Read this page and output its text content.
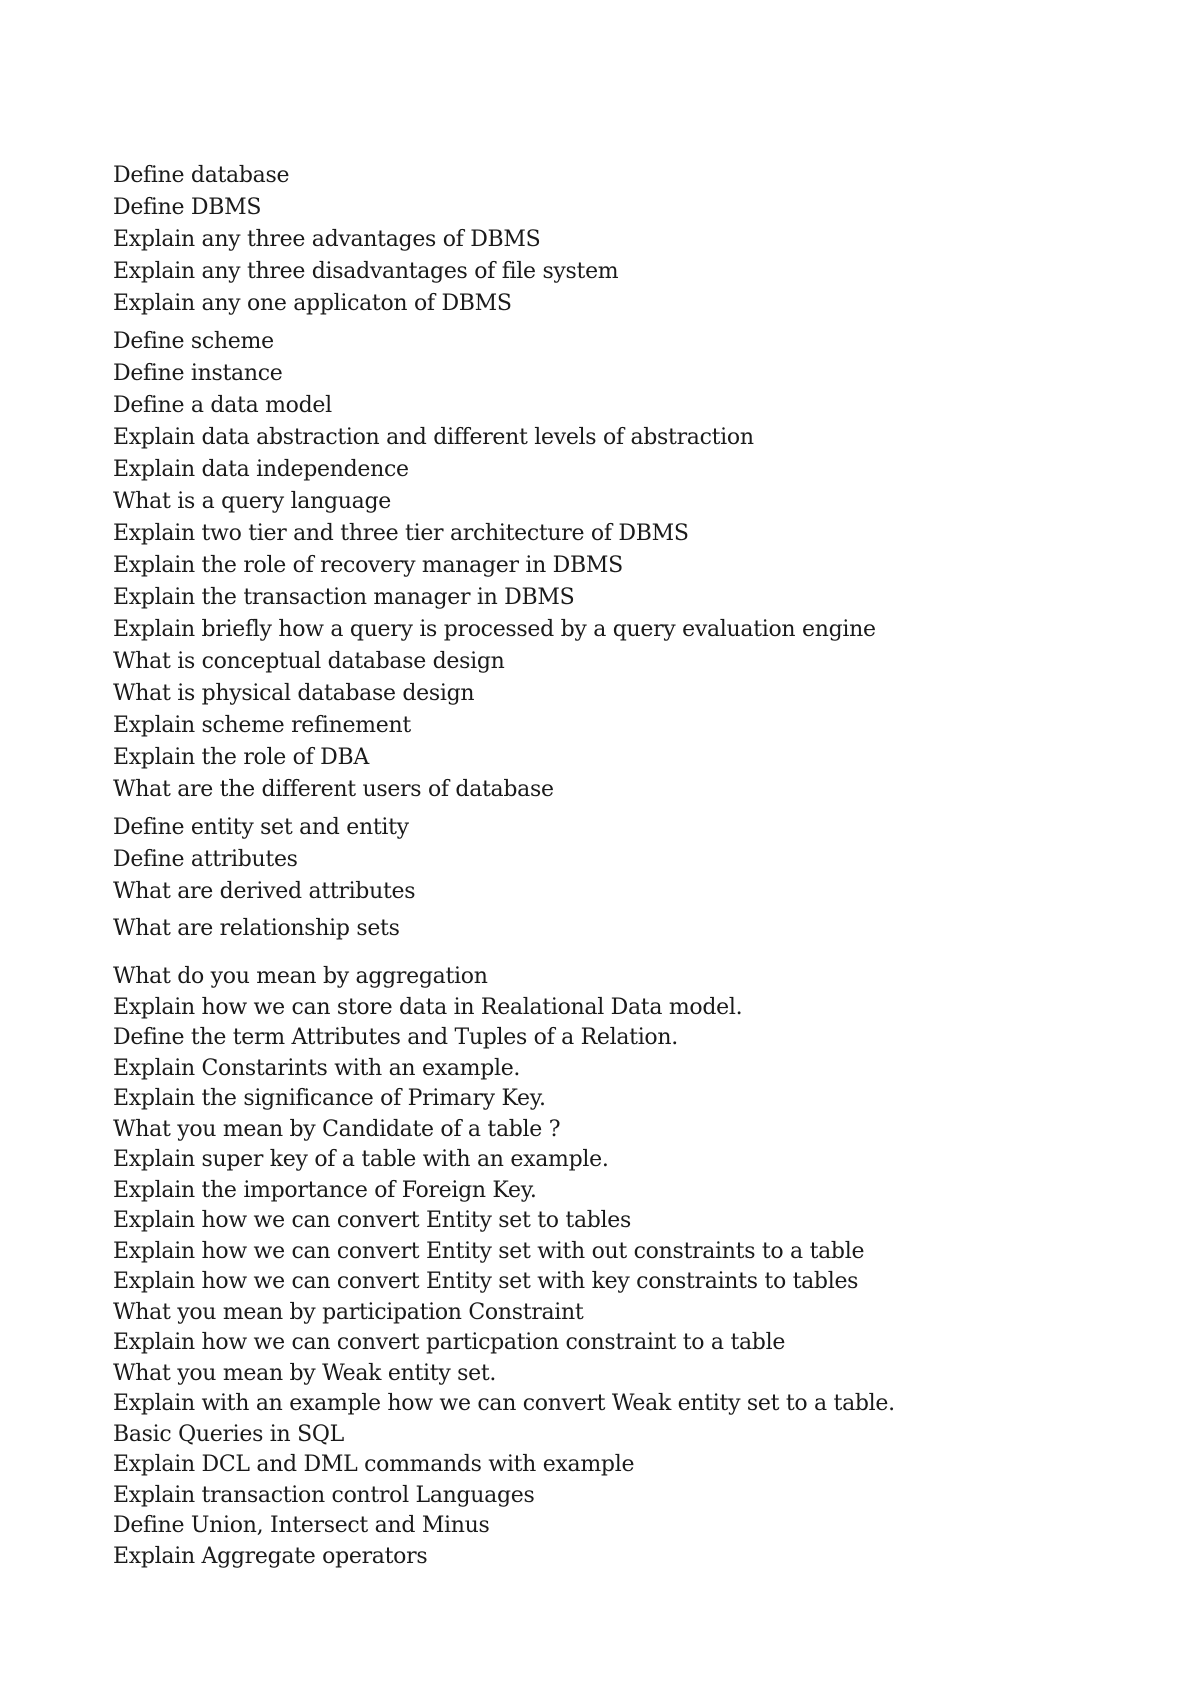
Define database
Define DBMS
Explain any three advantages of DBMS
Explain any three disadvantages of file system
Explain any one applicaton of DBMS
Define scheme
Define instance
Define a data model
Explain data abstraction and different levels of abstraction
Explain data independence
What is a query language
Explain two tier and three tier architecture of DBMS
Explain the role of recovery manager in DBMS
Explain the transaction manager in DBMS
Explain briefly how a query is processed by a query evaluation engine
What is conceptual database design
What is physical database design
Explain scheme refinement
Explain the role of DBA
What are the different users of database
Define entity set and entity
Define attributes
What are derived attributes
What are relationship sets
What do you mean by aggregation
Explain how we can store data in Realational Data model.
Define the term Attributes and Tuples of a Relation.
Explain Constarints with an example.
Explain the significance of Primary Key.
What you mean by Candidate of a table ?
Explain super key of a table with an example.
Explain the importance of Foreign Key.
Explain how we can convert Entity set to tables
Explain how we can convert Entity set with out constraints to a table
Explain how we can convert Entity set with key constraints to tables
What you mean by participation Constraint
Explain how we can convert particpation constraint to a table
What you mean by Weak entity set.
Explain with an example how we can convert Weak entity set to a table.
Basic Queries in SQL
Explain DCL and DML commands with example
Explain transaction control Languages
Define Union, Intersect and Minus
Explain Aggregate operators
